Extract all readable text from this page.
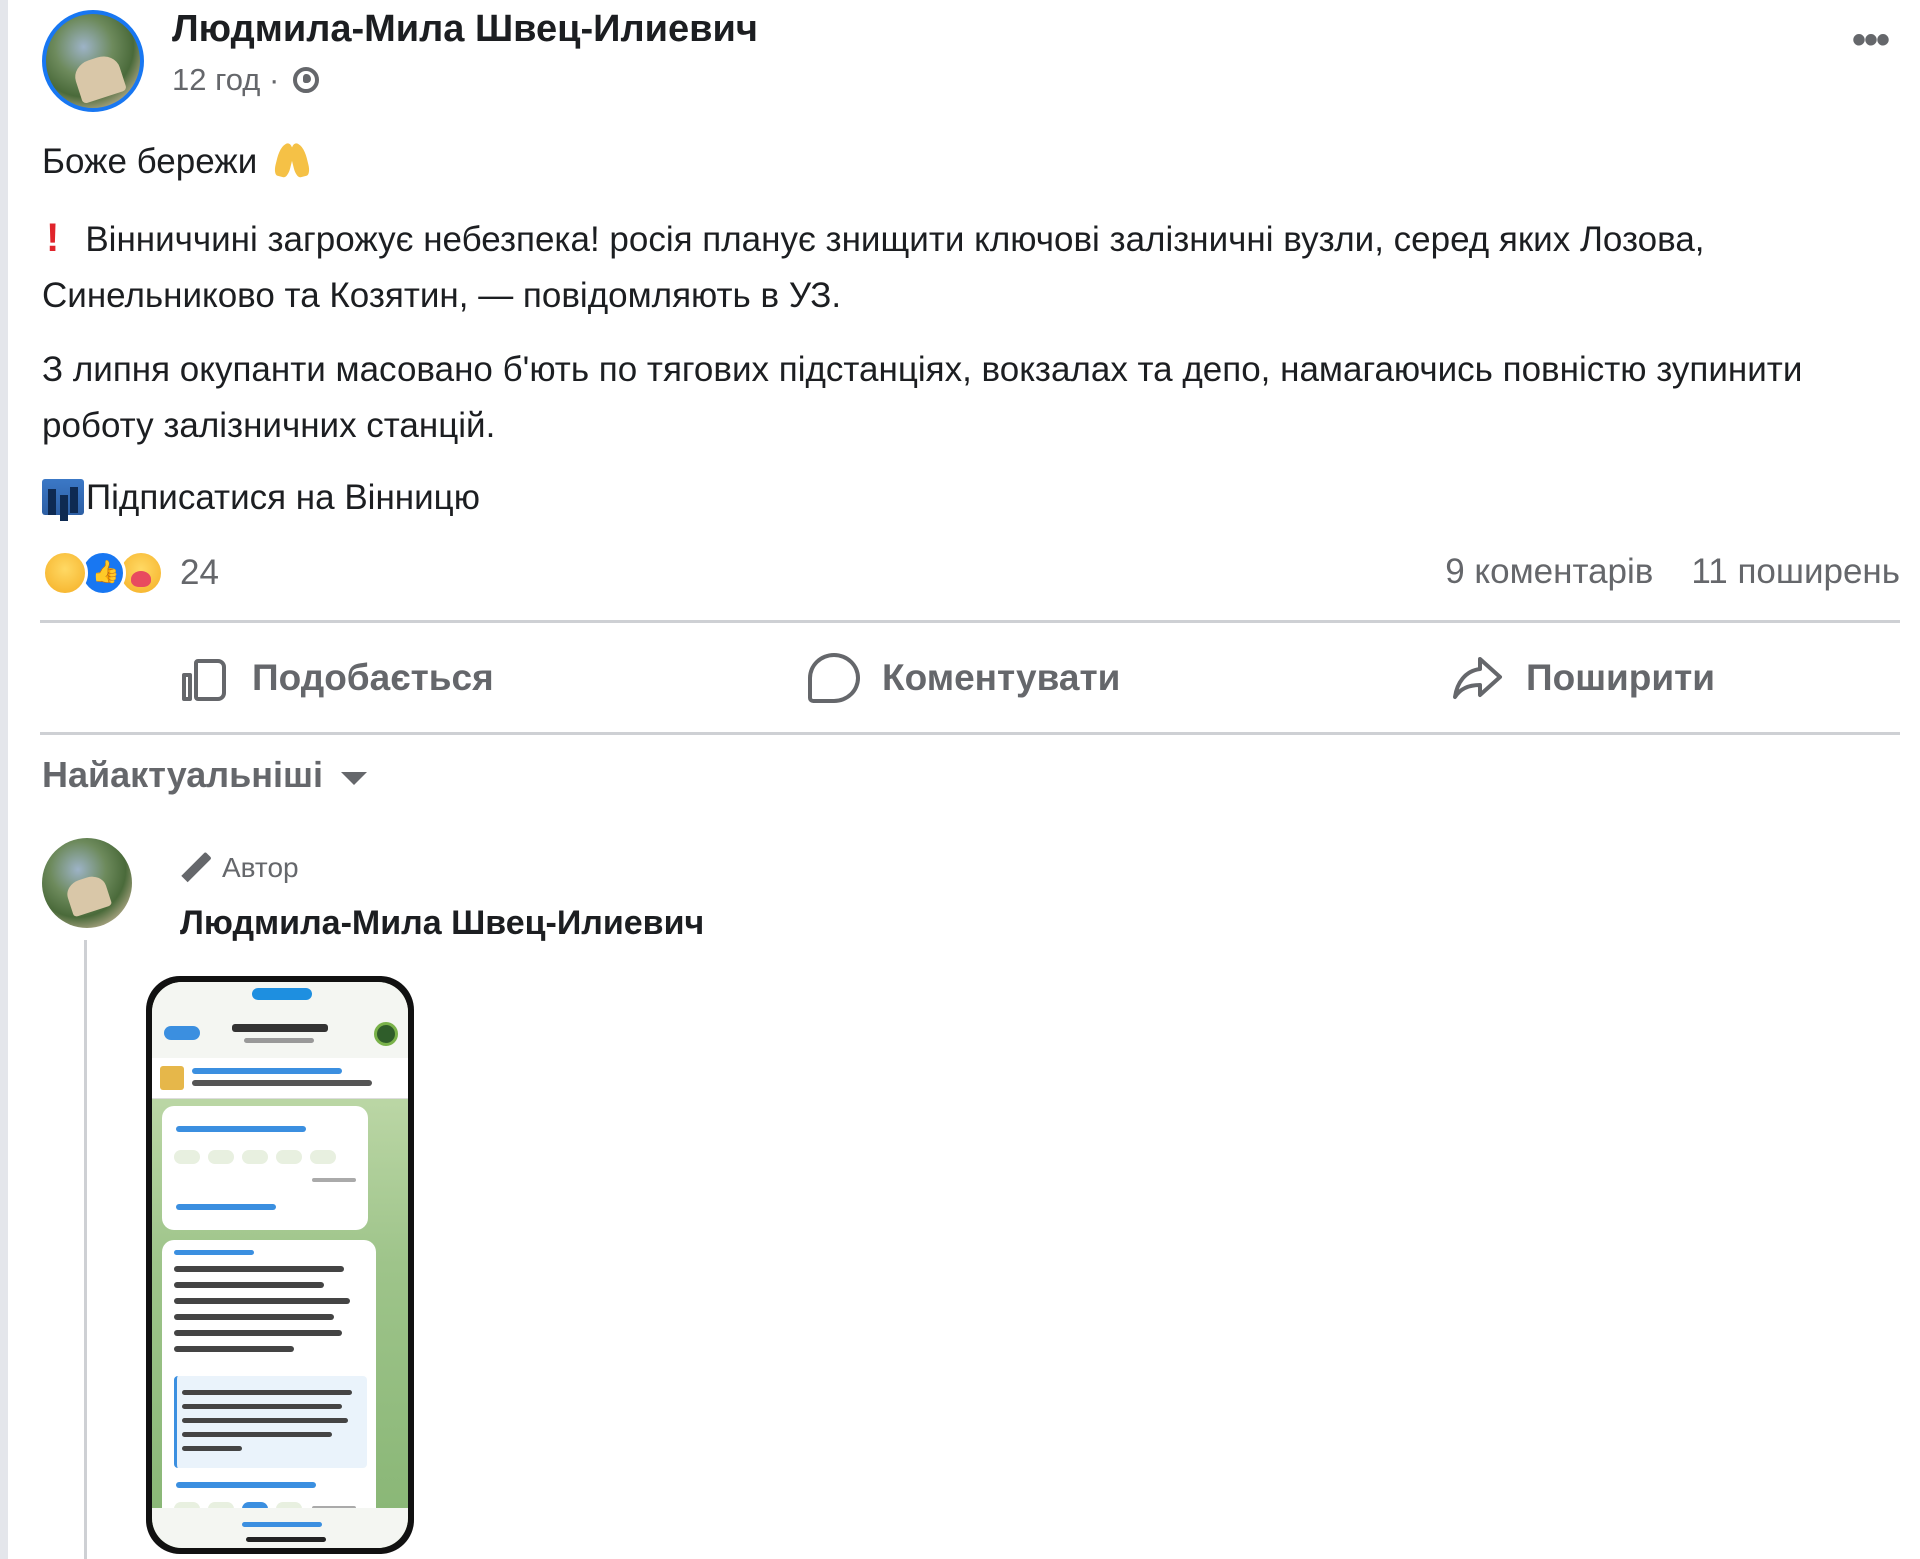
Людмила-Мила Швец-Илиевич
12 год ·
•••

Боже бережи

! Вінниччині загрожує небезпека! росія планує знищити ключові залізничні вузли, серед яких Лозова, Синельниково та Козятин, — повідомляють в УЗ.

З липня окупанти масовано б'ють по тягових підстанціях, вокзалах та депо, намагаючись повністю зупинити роботу залізничних станцій.

Підписатися на Вінницю

👍
24	9 коментарів 11 поширень
Подобається	Коментувати	Поширити
Найактуальніші
Автор
Людмила-Мила Швец-Илиевич
